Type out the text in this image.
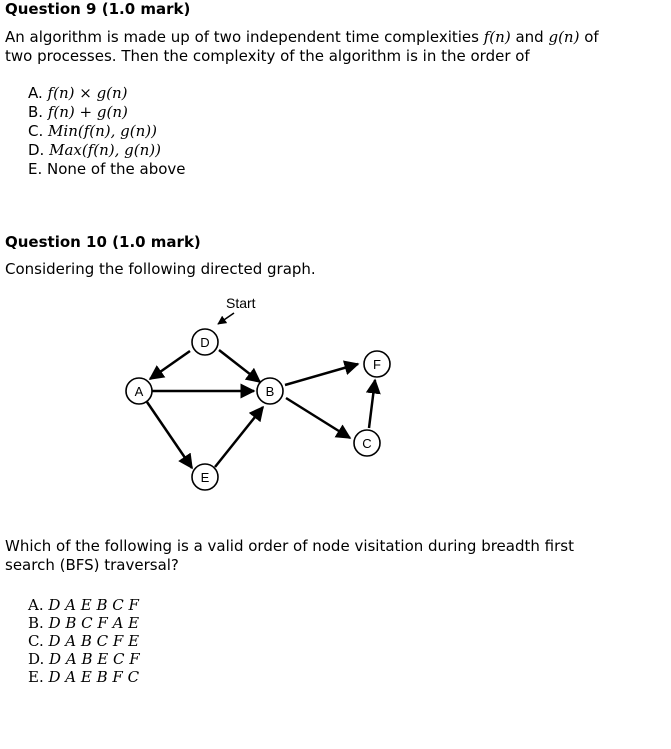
Question 9 (1.0 mark)
An algorithm is made up of two independent time complexities f(n) and g(n) of
two processes. Then the complexity of the algorithm is in the order of
A. f(n) × g(n)
B. f(n) + g(n)
C. Min(f(n), g(n))
D. Max(f(n), g(n))
E. None of the above
Question 10 (1.0 mark)
Considering the following directed graph.
Start
D
A	B
F
C
E
Which of the following is a valid order of node visitation during breadth first
search (BFS) traversal?
A. D A E B C F
B. D B C F A E
C. D A B C F E
D. D A B E C F
E. D A E B F C
